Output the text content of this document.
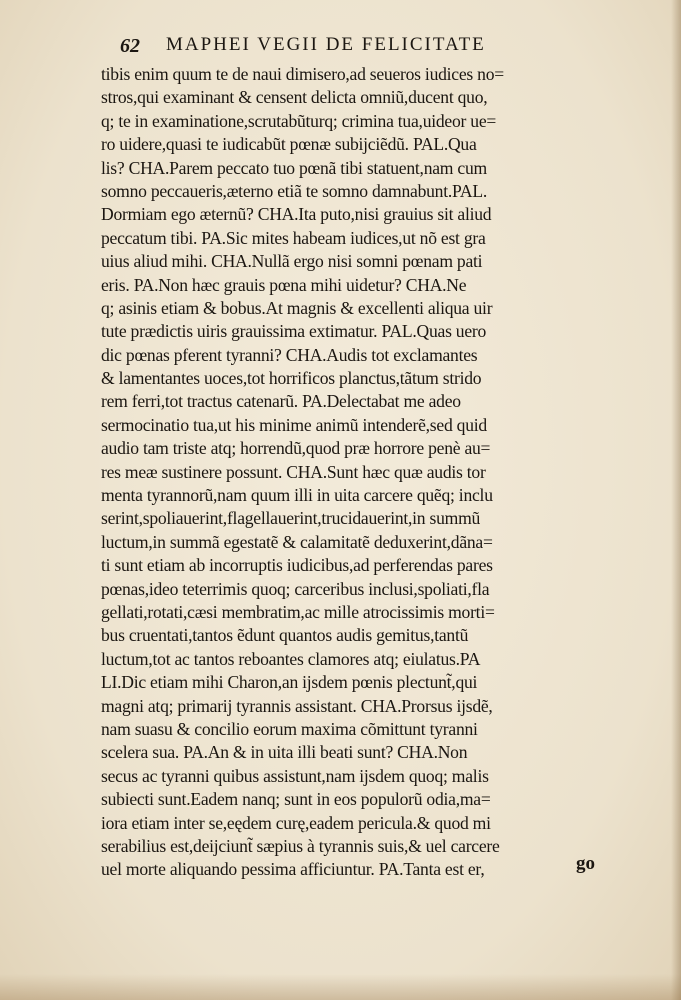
62 MAPHEI VEGII DE FELICITATE
tibis enim quum te de naui dimisero,ad seueros iudices no=
stros,qui examinant & censent delicta omniũ,ducent quo,
q; te in examinatione,scrutabũturq; crimina tua,uideor ue=
ro uidere,quasi te iudicabũt pœnæ subijciẽdũ. PAL.Qua
lis? CHA.Parem peccato tuo pœnã tibi statuent,nam cum
somno peccaueris,æterno etiã te somno damnabunt.PAL.
Dormiam ego æternũ? CHA.Ita puto,nisi grauius sit aliud
peccatum tibi. PA.Sic mites habeam iudices,ut nõ est gra
uius aliud mihi. CHA.Nullã ergo nisi somni pœnam pati
eris. PA.Non hæc grauis pœna mihi uidetur? CHA.Ne
q; asinis etiam & bobus.At magnis & excellenti aliqua uir
tute prædictis uiris grauissima extimatur. PAL.Quas uero
dic pœnas pferent tyranni? CHA.Audis tot exclamantes
& lamentantes uoces,tot horrificos planctus,tãtum strido
rem ferri,tot tractus catenarũ. PA.Delectabat me adeo
sermocinatio tua,ut his minime animũ intenderẽ,sed quid
audio tam triste atq; horrendũ,quod præ horrore penè au=
res meæ sustinere possunt. CHA.Sunt hæc quæ audis tor
menta tyrannorũ,nam quum illi in uita carcere quẽq; inclu
serint,spoliauerint,flagellauerint,trucidauerint,in summũ
luctum,in summã egestatẽ & calamitatẽ deduxerint,dãna=
ti sunt etiam ab incorruptis iudicibus,ad perferendas pares
pœnas,ideo teterrimis quoq; carceribus inclusi,spoliati,fla
gellati,rotati,cæsi membratim,ac mille atrocissimis morti=
bus cruentati,tantos ẽdunt quantos audis gemitus,tantũ
luctum,tot ac tantos reboantes clamores atq; eiulatus.PA
LI.Dic etiam mihi Charon,an ijsdem pœnis plectunt̃,qui
magni atq; primarij tyrannis assistant. CHA.Prorsus ijsdẽ,
nam suasu & concilio eorum maxima cõmittunt tyranni
scelera sua. PA.An & in uita illi beati sunt? CHA.Non
secus ac tyranni quibus assistunt,nam ijsdem quoq; malis
subiecti sunt.Eadem nanq; sunt in eos populorũ odia,ma=
iora etiam inter se,eędem curę,eadem pericula.& quod mi
serabilius est,deijciunt̃ sæpius à tyrannis suis,& uel carcere
uel morte aliquando pessima afficiuntur. PA.Tanta est er,	go
